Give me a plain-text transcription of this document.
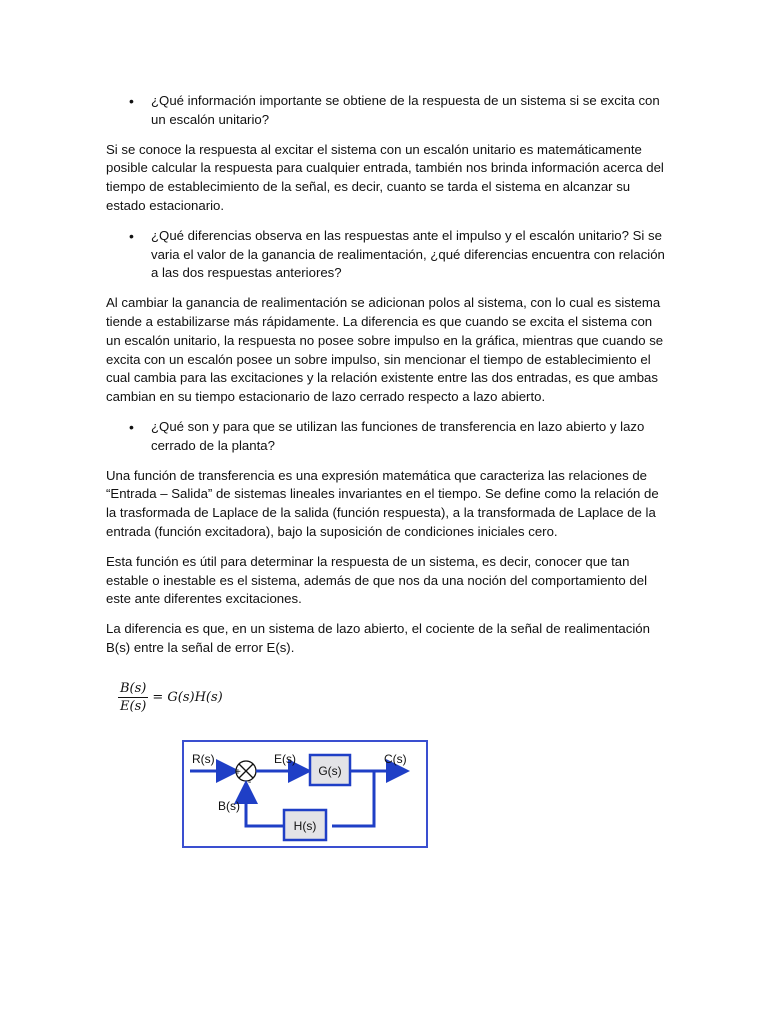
• ¿Qué información importante se obtiene de la respuesta de un sistema si se excita con un escalón unitario?

Si se conoce la respuesta al excitar el sistema con un escalón unitario es matemáticamente posible calcular la respuesta para cualquier entrada, también nos brinda información acerca del tiempo de establecimiento de la señal, es decir, cuanto se tarda el sistema en alcanzar su estado estacionario.

• ¿Qué diferencias observa en las respuestas ante el impulso y el escalón unitario? Si se varia el valor de la ganancia de realimentación, ¿qué diferencias encuentra con relación a las dos respuestas anteriores?

Al cambiar la ganancia de realimentación se adicionan polos al sistema, con lo cual es sistema tiende a estabilizarse más rápidamente. La diferencia es que cuando se excita el sistema con un escalón unitario, la respuesta no posee sobre impulso en la gráfica, mientras que cuando se excita con un escalón posee un sobre impulso, sin mencionar el tiempo de establecimiento el cual cambia para las excitaciones y la relación existente entre las dos entradas, es que ambas cambian en su tiempo estacionario de lazo cerrado respecto a lazo abierto.

• ¿Qué son y para que se utilizan las funciones de transferencia en lazo abierto y lazo cerrado de la planta?

Una función de transferencia es una expresión matemática que caracteriza las relaciones de “Entrada – Salida” de sistemas lineales invariantes en el tiempo. Se define como la relación de la trasformada de Laplace de la salida (función respuesta), a la transformada de Laplace de la entrada (función excitadora), bajo la suposición de condiciones iniciales cero.

Esta función es útil para determinar la respuesta de un sistema, es decir, conocer que tan estable o inestable es el sistema, además de que nos da una noción del comportamiento del este ante diferentes excitaciones.

La diferencia es que, en un sistema de lazo abierto, el cociente de la señal de realimentación B(s) entre la señal de error E(s).

$\frac{B(s)}{E(s)} = G(s)H(s)$
+
-
G(s)
H(s)
R(s)	E(s)	C(s)
B(s)
